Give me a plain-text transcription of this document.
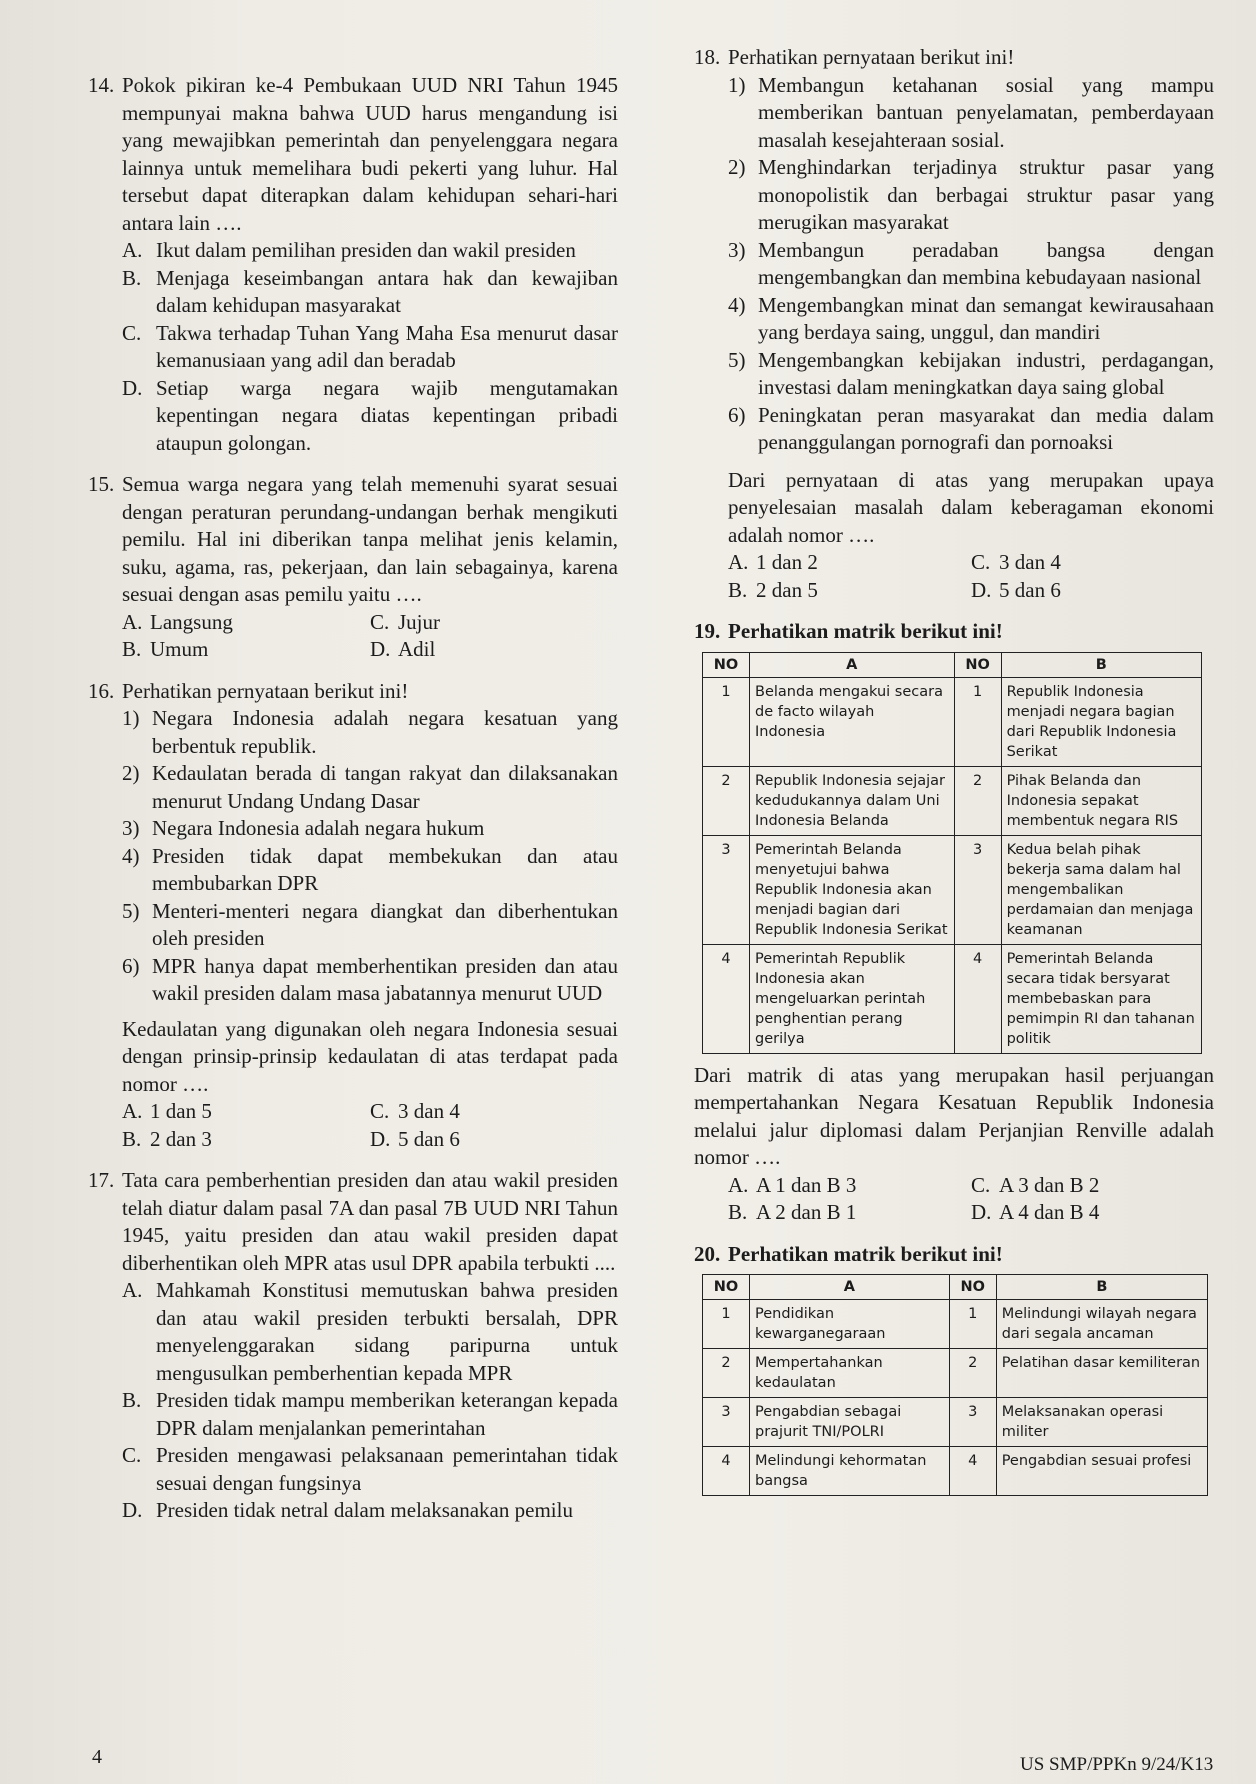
14. Pokok pikiran ke-4 Pembukaan UUD NRI Tahun 1945 mempunyai makna bahwa UUD harus mengandung isi yang mewajibkan pemerintah dan penyelenggara negara lainnya untuk memelihara budi pekerti yang luhur. Hal tersebut dapat diterapkan dalam kehidupan sehari-hari antara lain ….
A. Ikut dalam pemilihan presiden dan wakil presiden
B. Menjaga keseimbangan antara hak dan kewajiban dalam kehidupan masyarakat
C. Takwa terhadap Tuhan Yang Maha Esa menurut dasar kemanusiaan yang adil dan beradab
D. Setiap warga negara wajib mengutamakan kepentingan negara diatas kepentingan pribadi ataupun golongan.
15. Semua warga negara yang telah memenuhi syarat sesuai dengan peraturan perundang-undangan berhak mengikuti pemilu. Hal ini diberikan tanpa melihat jenis kelamin, suku, agama, ras, pekerjaan, dan lain sebagainya, karena sesuai dengan asas pemilu yaitu ….
A. Langsung	C. Jujur
B. Umum	D. Adil
16. Perhatikan pernyataan berikut ini!
1) Negara Indonesia adalah negara kesatuan yang berbentuk republik.
2) Kedaulatan berada di tangan rakyat dan dilaksanakan menurut Undang Undang Dasar
3) Negara Indonesia adalah negara hukum
4) Presiden tidak dapat membekukan dan atau membubarkan DPR
5) Menteri-menteri negara diangkat dan diberhentukan oleh presiden
6) MPR hanya dapat memberhentikan presiden dan atau wakil presiden dalam masa jabatannya menurut UUD
Kedaulatan yang digunakan oleh negara Indonesia sesuai dengan prinsip-prinsip kedaulatan di atas terdapat pada nomor ….
A. 1 dan 5	C. 3 dan 4
B. 2 dan 3	D. 5 dan 6
17. Tata cara pemberhentian presiden dan atau wakil presiden telah diatur dalam pasal 7A dan pasal 7B UUD NRI Tahun 1945, yaitu presiden dan atau wakil presiden dapat diberhentikan oleh MPR atas usul DPR apabila terbukti ....
A. Mahkamah Konstitusi memutuskan bahwa presiden dan atau wakil presiden terbukti bersalah, DPR menyelenggarakan sidang paripurna untuk mengusulkan pemberhentian kepada MPR
B. Presiden tidak mampu memberikan keterangan kepada DPR dalam menjalankan pemerintahan
C. Presiden mengawasi pelaksanaan pemerintahan tidak sesuai dengan fungsinya
D. Presiden tidak netral dalam melaksanakan pemilu
18. Perhatikan pernyataan berikut ini!
1) Membangun ketahanan sosial yang mampu memberikan bantuan penyelamatan, pemberdayaan masalah kesejahteraan sosial.
2) Menghindarkan terjadinya struktur pasar yang monopolistik dan berbagai struktur pasar yang merugikan masyarakat
3) Membangun peradaban bangsa dengan mengembangkan dan membina kebudayaan nasional
4) Mengembangkan minat dan semangat kewirausahaan yang berdaya saing, unggul, dan mandiri
5) Mengembangkan kebijakan industri, perdagangan, investasi dalam meningkatkan daya saing global
6) Peningkatan peran masyarakat dan media dalam penanggulangan pornografi dan pornoaksi
Dari pernyataan di atas yang merupakan upaya penyelesaian masalah dalam keberagaman ekonomi adalah nomor ….
A. 1 dan 2	C. 3 dan 4
B. 2 dan 5	D. 5 dan 6
19. Perhatikan matrik berikut ini!
NO	A	NO	B
1	Belanda mengakui secara de facto wilayah Indonesia	1	Republik Indonesia menjadi negara bagian dari Republik Indonesia Serikat
2	Republik Indonesia sejajar kedudukannya dalam Uni Indonesia Belanda	2	Pihak Belanda dan Indonesia sepakat membentuk negara RIS
3	Pemerintah Belanda menyetujui bahwa Republik Indonesia akan menjadi bagian dari Republik Indonesia Serikat	3	Kedua belah pihak bekerja sama dalam hal mengembalikan perdamaian dan menjaga keamanan
4	Pemerintah Republik Indonesia akan mengeluarkan perintah penghentian perang gerilya	4	Pemerintah Belanda secara tidak bersyarat membebaskan para pemimpin RI dan tahanan politik
Dari matrik di atas yang merupakan hasil perjuangan mempertahankan Negara Kesatuan Republik Indonesia melalui jalur diplomasi dalam Perjanjian Renville adalah nomor ….
A. A 1 dan B 3	C. A 3 dan B 2
B. A 2 dan B 1	D. A 4 dan B 4
20. Perhatikan matrik berikut ini!
NO	A	NO	B
1	Pendidikan kewarganegaraan	1	Melindungi wilayah negara dari segala ancaman
2	Mempertahankan kedaulatan	2	Pelatihan dasar kemiliteran
3	Pengabdian sebagai prajurit TNI/POLRI	3	Melaksanakan operasi militer
4	Melindungi kehormatan bangsa	4	Pengabdian sesuai profesi
4	US SMP/PPKn 9/24/K13
